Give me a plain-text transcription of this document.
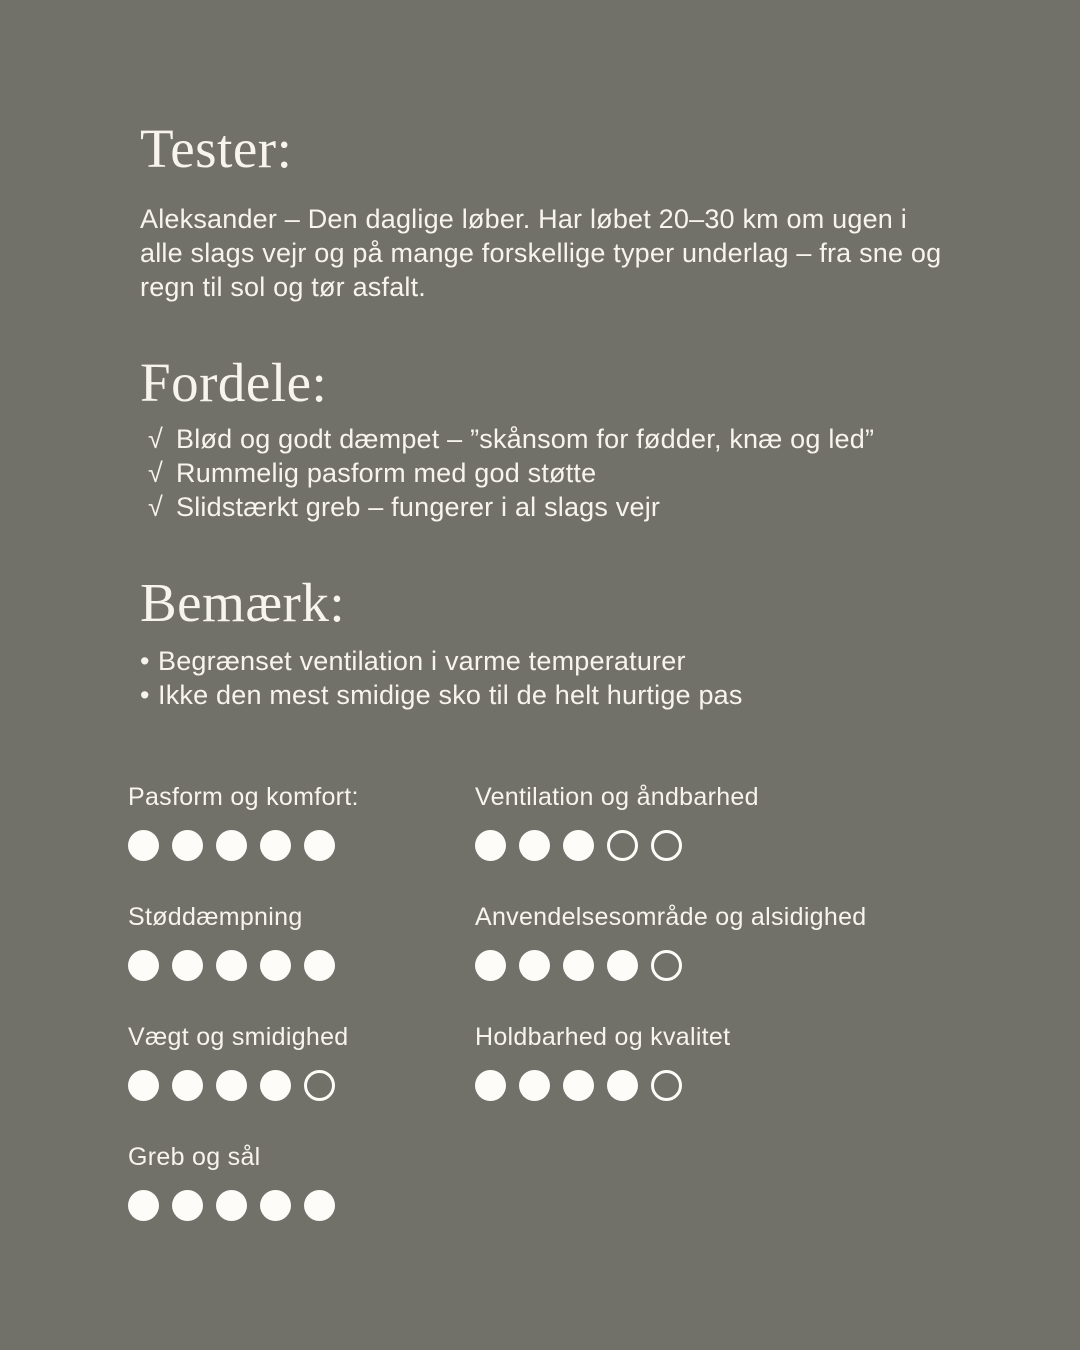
Tester:
Aleksander – Den daglige løber. Har løbet 20–30 km om ugen i
alle slags vejr og på mange forskellige typer underlag – fra sne og
regn til sol og tør asfalt.
Fordele:
√ Blød og godt dæmpet – ”skånsom for fødder, knæ og led”
√ Rummelig pasform med god støtte
√ Slidstærkt greb – fungerer i al slags vejr
Bemærk:
• Begrænset ventilation i varme temperaturer
• Ikke den mest smidige sko til de helt hurtige pas
Pasform og komfort:
Støddæmpning
Vægt og smidighed
Greb og sål
Ventilation og åndbarhed
Anvendelsesområde og alsidighed
Holdbarhed og kvalitet
